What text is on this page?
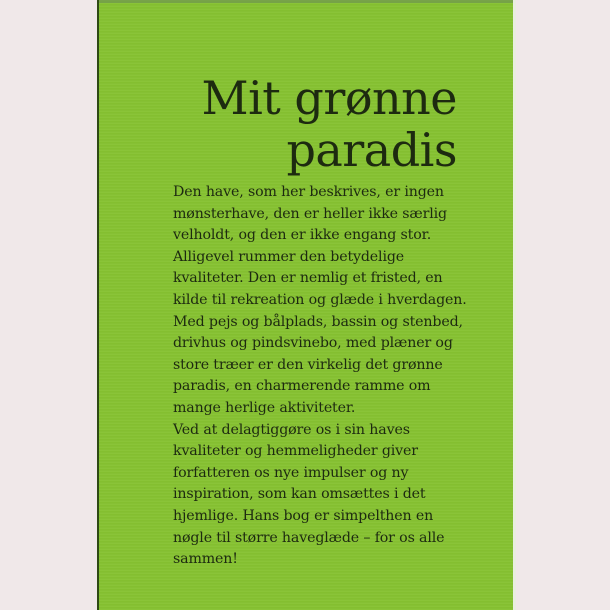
Mit grønne
paradis
Den have, som her beskrives, er ingen
mønsterhave, den er heller ikke særlig
velholdt, og den er ikke engang stor.
Alligevel rummer den betydelige
kvaliteter. Den er nemlig et fristed, en
kilde til rekreation og glæde i hverdagen.
Med pejs og bålplads, bassin og stenbed,
drivhus og pindsvinebo, med plæner og
store træer er den virkelig det grønne
paradis, en charmerende ramme om
mange herlige aktiviteter.
Ved at delagtiggøre os i sin haves
kvaliteter og hemmeligheder giver
forfatteren os nye impulser og ny
inspiration, som kan omsættes i det
hjemlige. Hans bog er simpelthen en
nøgle til større haveglæde – for os alle
sammen!
